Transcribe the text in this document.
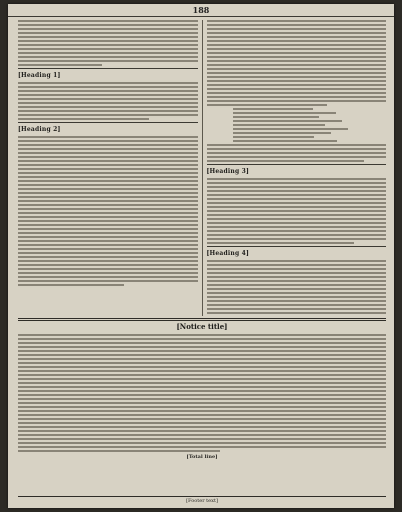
188
[Heading 1]
[Heading 2]
[Heading 3]
[Heading 4]
[Notice title]
[Total line]
[Footer text]
